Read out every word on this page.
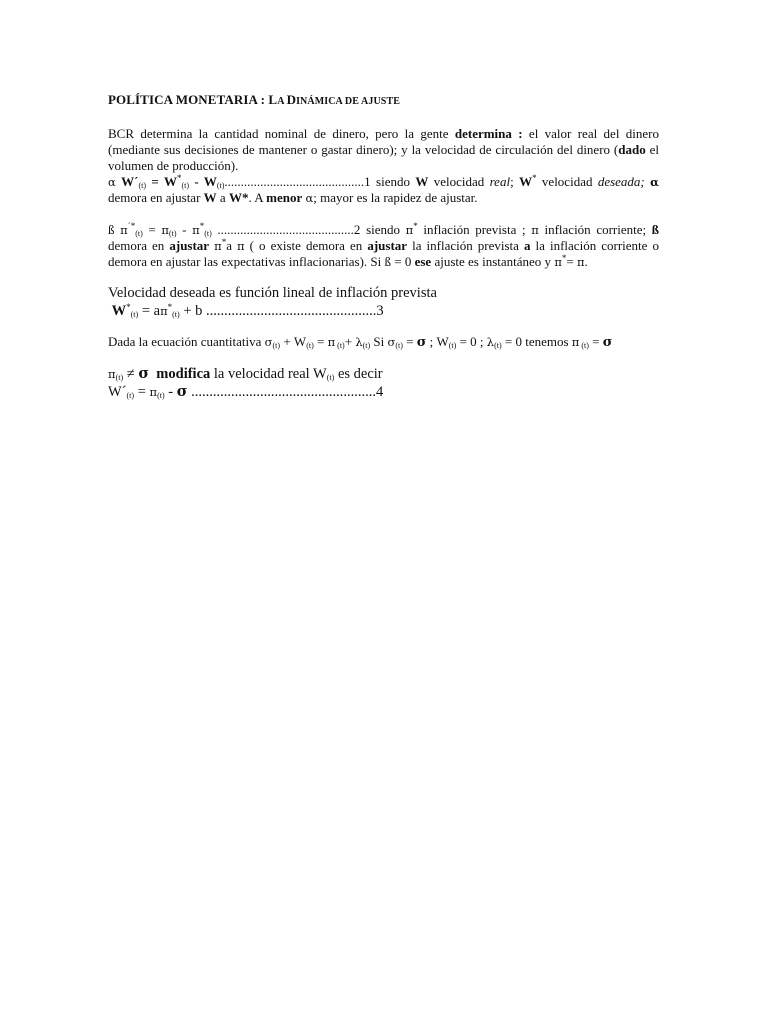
POLÍTICA MONETARIA : LA DINÁMICA DE AJUSTE

BCR determina la cantidad nominal de dinero, pero la gente determina : el valor real del dinero (mediante sus decisiones de mantener o gastar dinero); y la velocidad de circulación del dinero (dado el volumen de producción).

α $W´_{(t)} = W^*_{(t)} - W_{(t)}...........................................1$ siendo W velocidad real; W* velocidad deseada; α demora en ajustar W a W*. A menor α; mayor es la rapidez de ajustar.

ß $\pi^{´*}_{(t)} = \pi_{(t)} - \pi^*_{(t)}$ ..........................................2 siendo π* inflación prevista ; π inflación corriente; ß demora en ajustar π*a π ( o existe demora en ajustar la inflación prevista a la inflación corriente o demora en ajustar las expectativas inflacionarias). Si ß = 0 ese ajuste es instantáneo y π*= π.

Velocidad deseada es función lineal de inflación prevista
$W^*_{(t)} = a\pi^*_{(t)} + b$ ...............................................3

Dada la ecuación cuantitativa $\sigma_{(t)} + W_{(t)} = \pi$ $_{(t)}+ \lambda_{(t)}$ Si $\sigma_{(t)} = \sigma$ ; $W_{(t)} = 0$ ; $\lambda_{(t)} = 0$ tenemos π $_{(t)}$ = σ

$\pi_{(t)} \ne \sigma$ modifica la velocidad real $W_{(t)}$ es decir
$W´_{(t)} = \pi_{(t)} - \sigma$ ...................................................4
